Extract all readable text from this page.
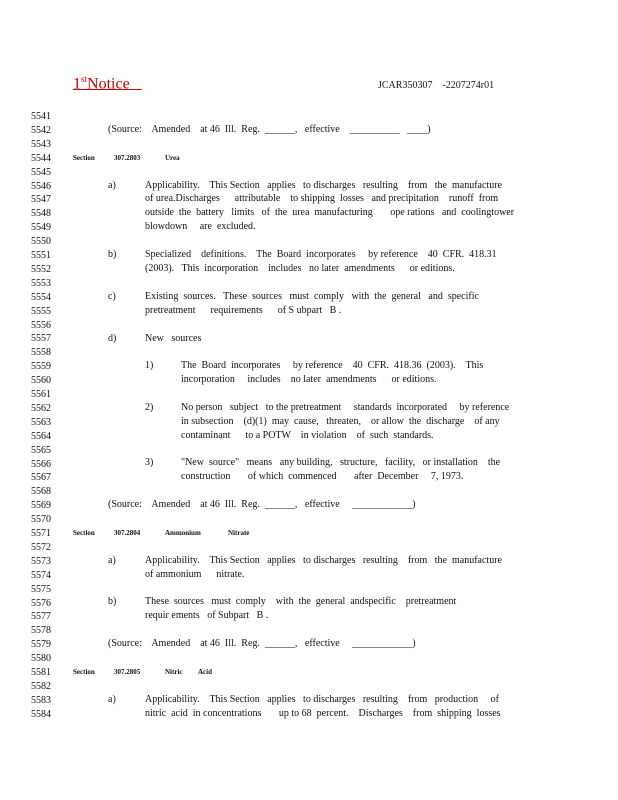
1stNotice	JCAR350307 -2207274r01
5541
5542
5543
5544
5545
5546
5547
5548
5549
5550
5551
5552
5553
5554
5555
5556
5557
5558
5559
5560
5561
5562
5563
5564
5565
5566
5567
5568
5569
5570
5571
5572
5573
5574
5575
5576
5577
5578
5579
5580
5581
5582
5583
5584
(Source:    Amended    at 46  Ill.  Reg.  ______,   effective    __________   ____)
Section	307.2803	Urea
a)	Applicability.    This Section   applies   to discharges   resulting    from   the  manufacture
of urea.Discharges      attributable    to shipping  losses   and precipitation    runoff  from
outside  the  battery   limits   of  the  urea  manufacturing       ope rations   and  coolingtower
blowdown     are  excluded.
b)	Specialized    definitions.    The  Board  incorporates     by reference    40  CFR.  418.31
(2003).   This  incorporation    includes   no later  amendments      or editions.
c)	Existing  sources.   These  sources   must  comply   with  the  general   and  specific
pretreatment      requirements      of S ubpart   B .
d)	New   sources
1)	The  Board  incorporates     by reference    40  CFR.  418.36  (2003).    This
incorporation     includes    no later  amendments      or editions.
2)	No person   subject   to the pretreatment     standards  incorporated     by reference
in subsection    (d)(1)  may  cause,   threaten,    or allow  the  discharge    of any
contaminant      to a POTW    in violation    of  such  standards.
3)	"New  source"   means   any building,   structure,   facility,   or installation    the
construction       of which  commenced       after  December     7, 1973.
(Source:    Amended    at 46  Ill.  Reg.  ______,   effective     ____________)
Section	307.2804	Ammonium	Nitrate
a)	Applicability.    This Section   applies   to discharges   resulting    from   the  manufacture
of ammonium      nitrate.
b)	These  sources   must  comply    with  the  general  andspecific    pretreatment
requir ements   of Subpart   B .
(Source:    Amended    at 46  Ill.  Reg.  ______,   effective     ____________)
Section	307.2805	Nitric Acid
a)	Applicability.    This Section   applies   to discharges   resulting    from   production     of
nitric  acid  in concentrations       up to 68  percent.    Discharges    from  shipping  losses
